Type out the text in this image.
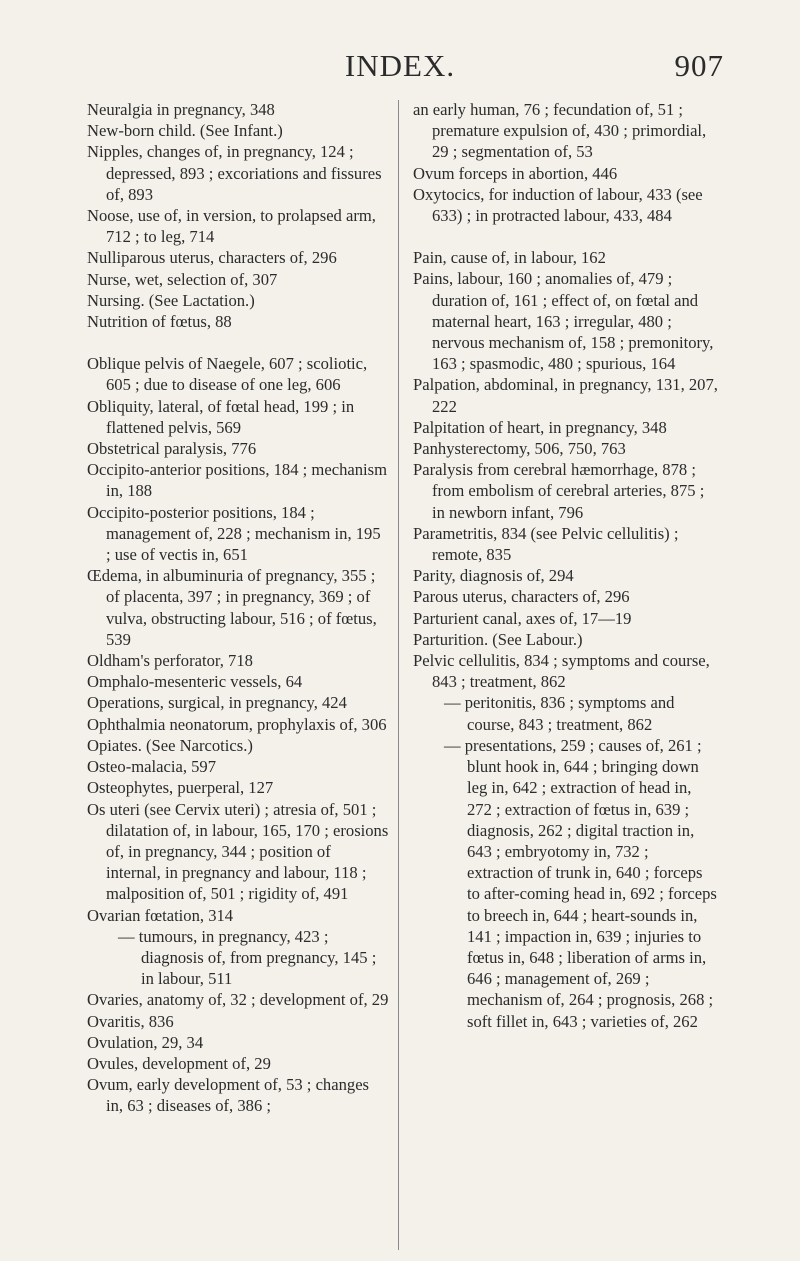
INDEX.	907
Neuralgia in pregnancy, 348
New-born child. (See Infant.)
Nipples, changes of, in pregnancy, 124 ; depressed, 893 ; excoriations and fissures of, 893
Noose, use of, in version, to prolapsed arm, 712 ; to leg, 714
Nulliparous uterus, characters of, 296
Nurse, wet, selection of, 307
Nursing. (See Lactation.)
Nutrition of fœtus, 88
Oblique pelvis of Naegele, 607 ; scoliotic, 605 ; due to disease of one leg, 606
Obliquity, lateral, of fœtal head, 199 ; in flattened pelvis, 569
Obstetrical paralysis, 776
Occipito-anterior positions, 184 ; mechanism in, 188
Occipito-posterior positions, 184 ; management of, 228 ; mechanism in, 195 ; use of vectis in, 651
Œdema, in albuminuria of pregnancy, 355 ; of placenta, 397 ; in pregnancy, 369 ; of vulva, obstructing labour, 516 ; of fœtus, 539
Oldham's perforator, 718
Omphalo-mesenteric vessels, 64
Operations, surgical, in pregnancy, 424
Ophthalmia neonatorum, prophylaxis of, 306
Opiates. (See Narcotics.)
Osteo-malacia, 597
Osteophytes, puerperal, 127
Os uteri (see Cervix uteri) ; atresia of, 501 ; dilatation of, in labour, 165, 170 ; erosions of, in pregnancy, 344 ; position of internal, in pregnancy and labour, 118 ; malposition of, 501 ; rigidity of, 491
Ovarian fœtation, 314
— tumours, in pregnancy, 423 ; diagnosis of, from pregnancy, 145 ; in labour, 511
Ovaries, anatomy of, 32 ; development of, 29
Ovaritis, 836
Ovulation, 29, 34
Ovules, development of, 29
Ovum, early development of, 53 ; changes in, 63 ; diseases of, 386 ;
an early human, 76 ; fecundation of, 51 ; premature expulsion of, 430 ; primordial, 29 ; segmentation of, 53
Ovum forceps in abortion, 446
Oxytocics, for induction of labour, 433 (see 633) ; in protracted labour, 433, 484
Pain, cause of, in labour, 162
Pains, labour, 160 ; anomalies of, 479 ; duration of, 161 ; effect of, on fœtal and maternal heart, 163 ; irregular, 480 ; nervous mechanism of, 158 ; premonitory, 163 ; spasmodic, 480 ; spurious, 164
Palpation, abdominal, in pregnancy, 131, 207, 222
Palpitation of heart, in pregnancy, 348
Panhysterectomy, 506, 750, 763
Paralysis from cerebral hæmorrhage, 878 ; from embolism of cerebral arteries, 875 ; in newborn infant, 796
Parametritis, 834 (see Pelvic cellulitis) ; remote, 835
Parity, diagnosis of, 294
Parous uterus, characters of, 296
Parturient canal, axes of, 17—19
Parturition. (See Labour.)
Pelvic cellulitis, 834 ; symptoms and course, 843 ; treatment, 862
— peritonitis, 836 ; symptoms and course, 843 ; treatment, 862
— presentations, 259 ; causes of, 261 ; blunt hook in, 644 ; bringing down leg in, 642 ; extraction of head in, 272 ; extraction of fœtus in, 639 ; diagnosis, 262 ; digital traction in, 643 ; embryotomy in, 732 ; extraction of trunk in, 640 ; forceps to after-coming head in, 692 ; forceps to breech in, 644 ; heart-sounds in, 141 ; impaction in, 639 ; injuries to fœtus in, 648 ; liberation of arms in, 646 ; management of, 269 ; mechanism of, 264 ; prognosis, 268 ; soft fillet in, 643 ; varieties of, 262
